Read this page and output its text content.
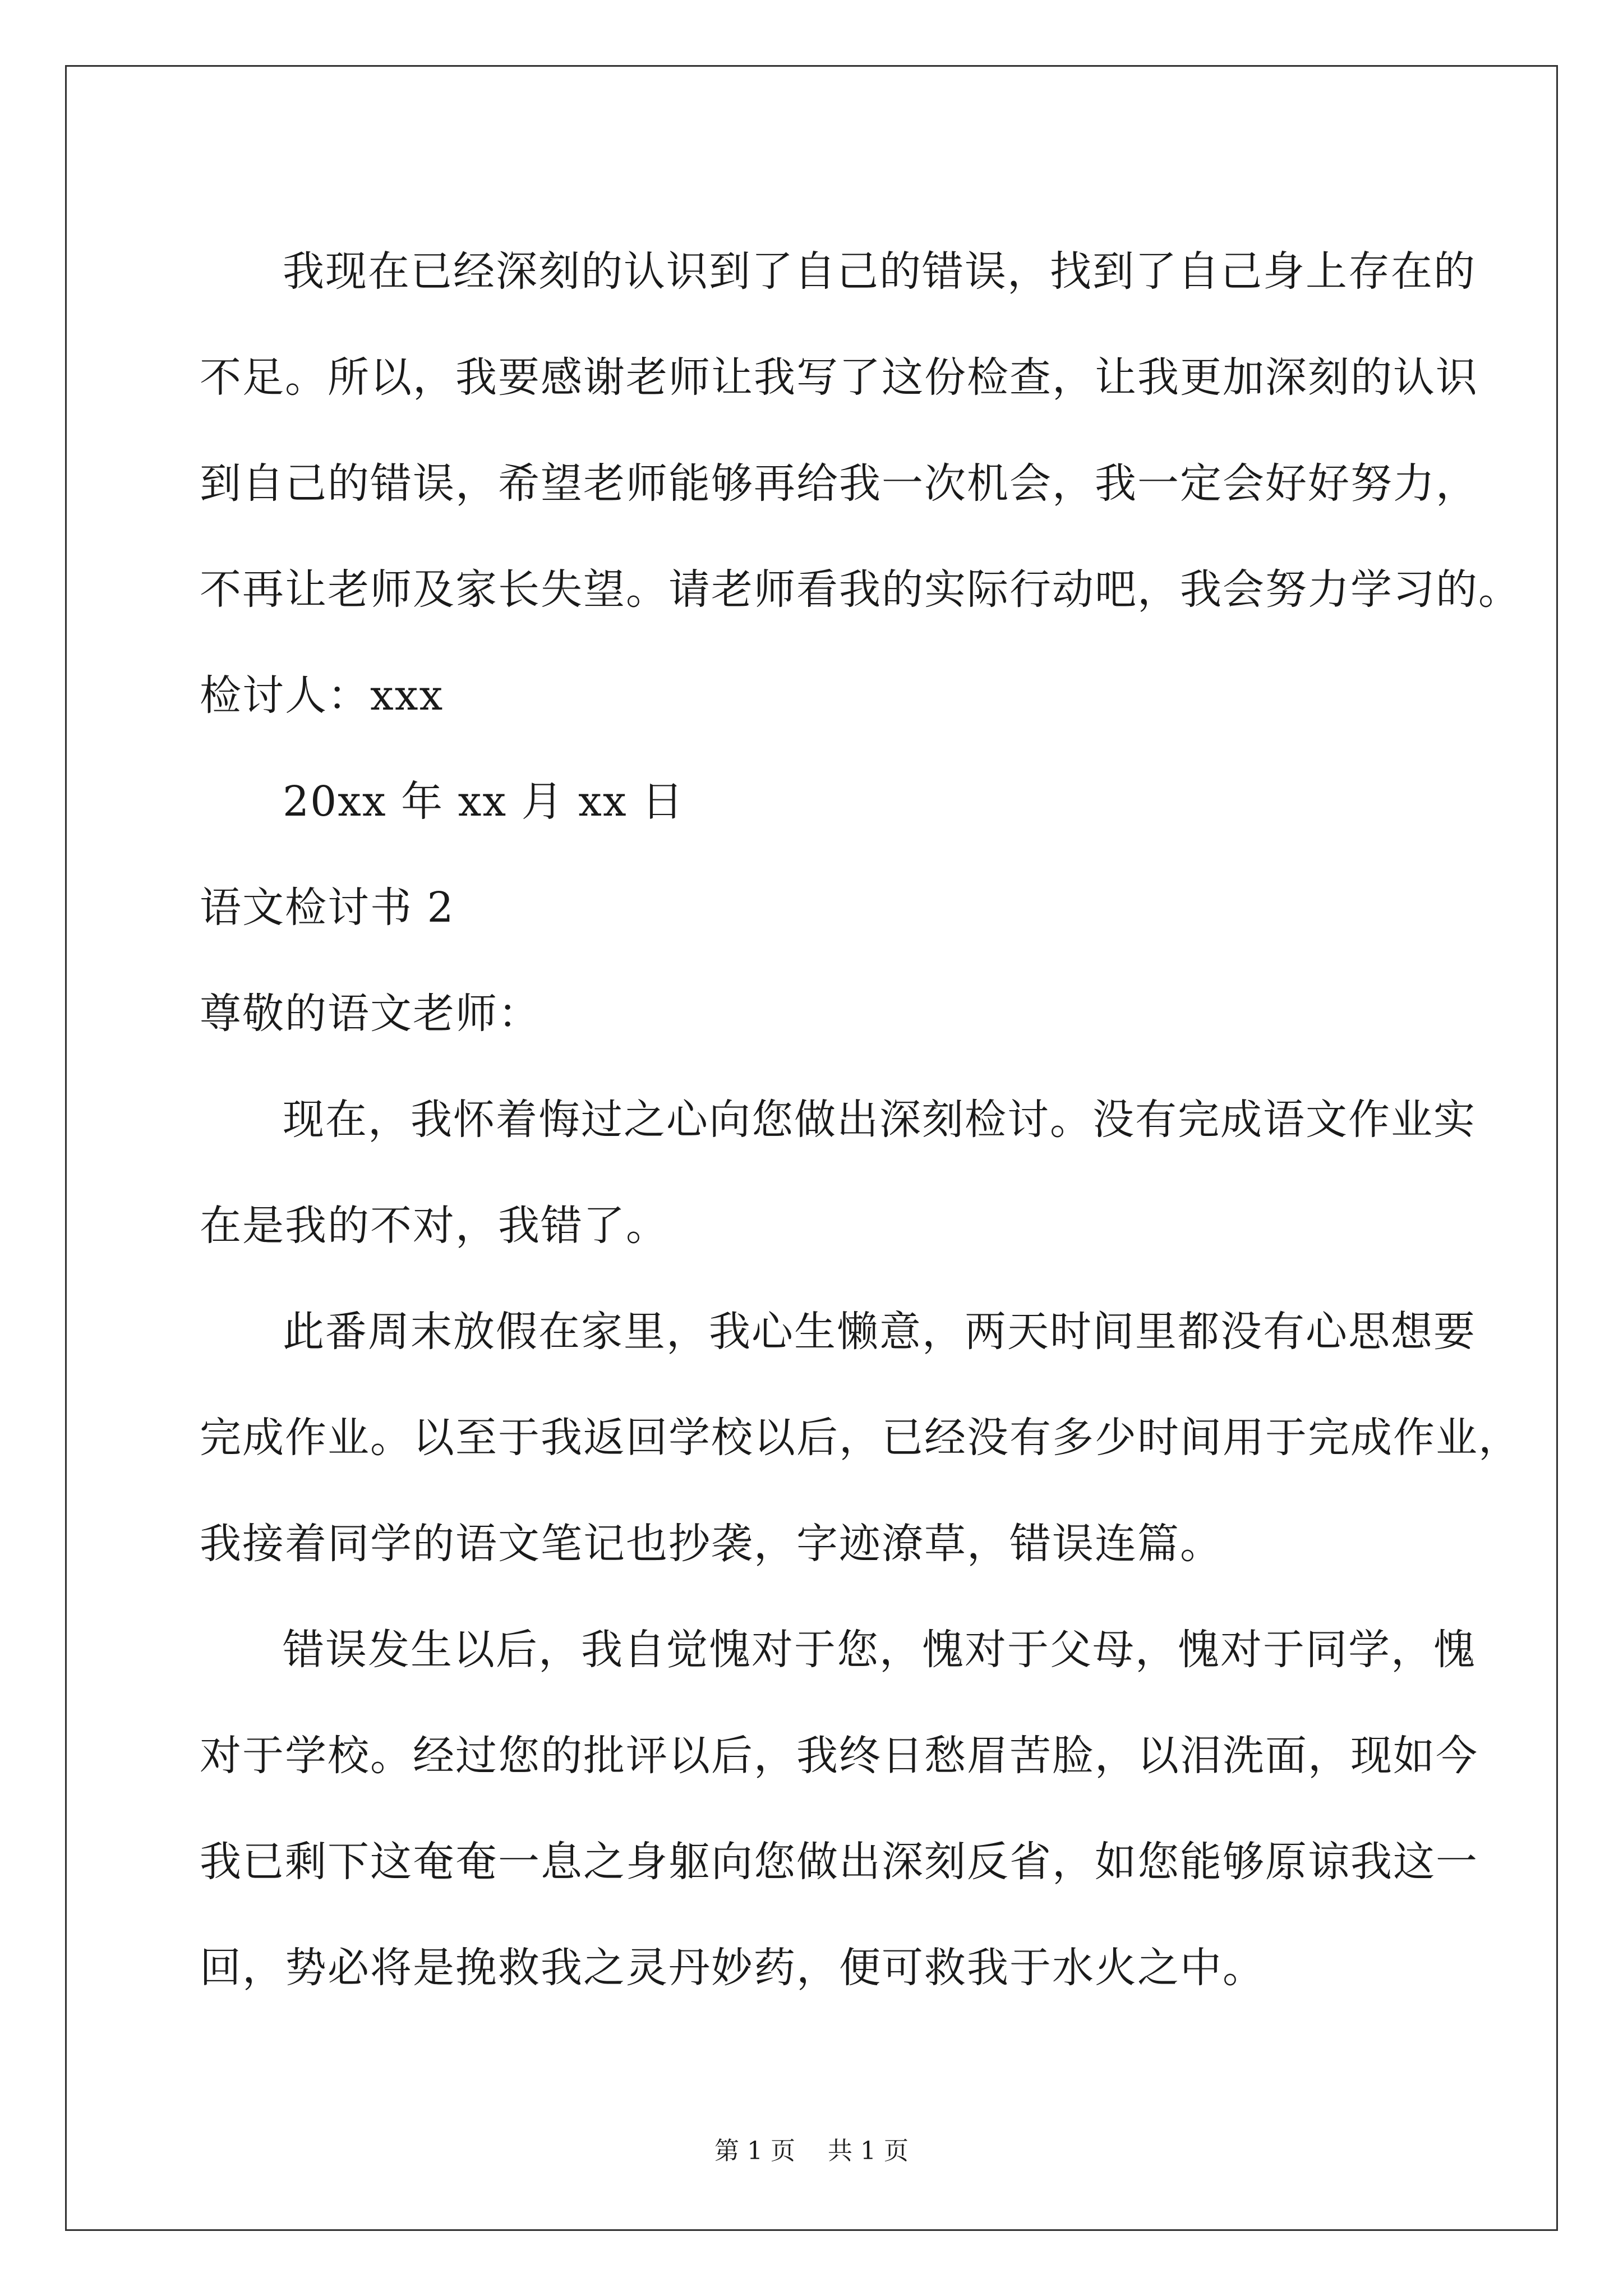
我现在已经深刻的认识到了自己的错误，找到了自己身上存在的
不足。所以，我要感谢老师让我写了这份检查，让我更加深刻的认识
到自己的错误，希望老师能够再给我一次机会，我一定会好好努力，
不再让老师及家长失望。请老师看我的实际行动吧，我会努力学习的。
检讨人：xxx
20xx 年 xx 月 xx 日
语文检讨书 2
尊敬的语文老师：
现在，我怀着悔过之心向您做出深刻检讨。没有完成语文作业实
在是我的不对，我错了。
此番周末放假在家里，我心生懒意，两天时间里都没有心思想要
完成作业。以至于我返回学校以后，已经没有多少时间用于完成作业，
我接着同学的语文笔记也抄袭，字迹潦草，错误连篇。
错误发生以后，我自觉愧对于您，愧对于父母，愧对于同学，愧
对于学校。经过您的批评以后，我终日愁眉苦脸，以泪洗面，现如今
我已剩下这奄奄一息之身躯向您做出深刻反省，如您能够原谅我这一
回，势必将是挽救我之灵丹妙药，便可救我于水火之中。
第 1 页 共 1 页
